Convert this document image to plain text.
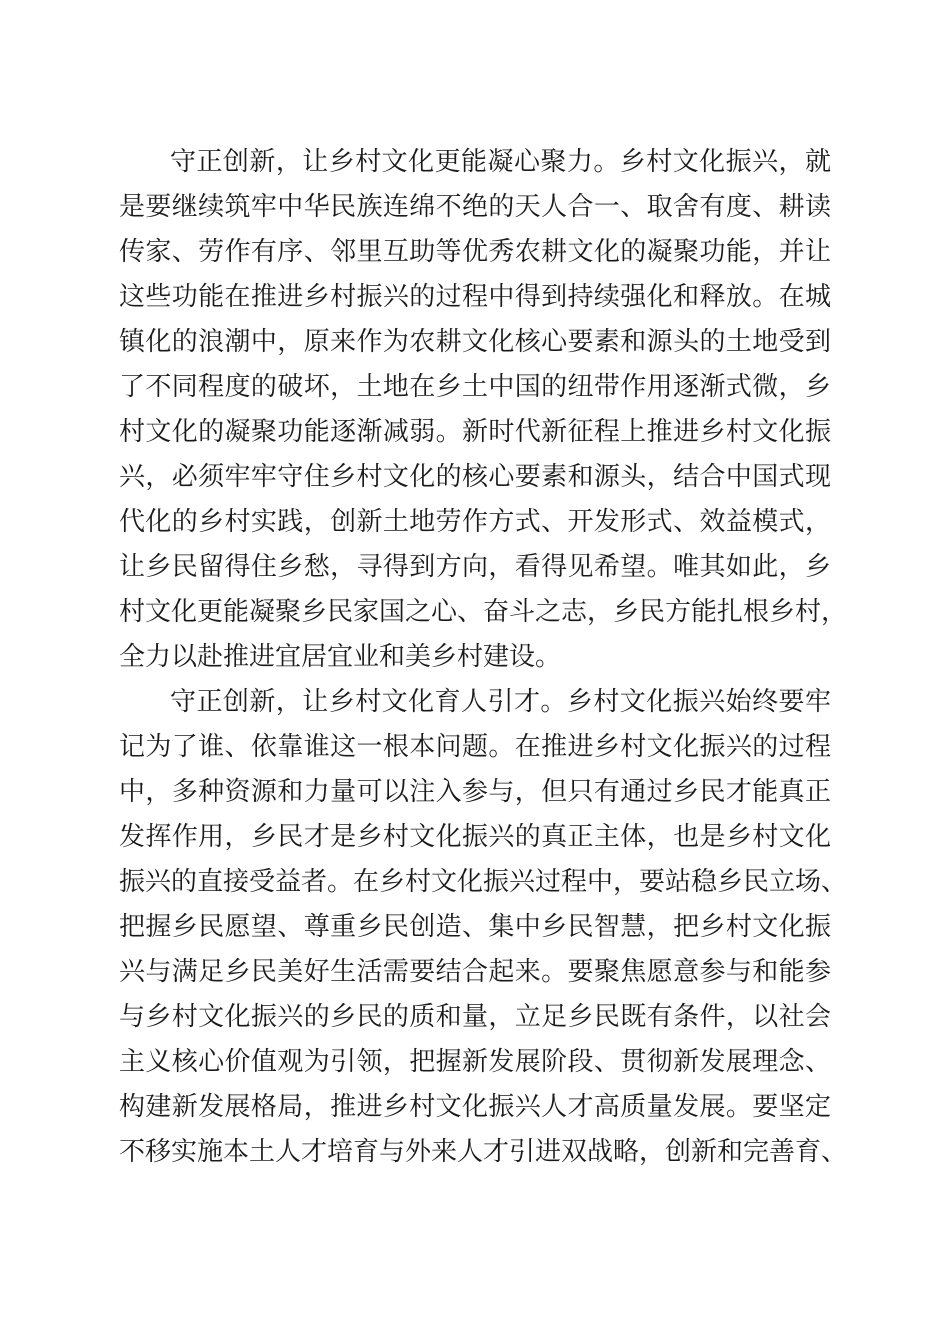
守正创新，让乡村文化更能凝心聚力。乡村文化振兴，就
是要继续筑牢中华民族连绵不绝的天人合一、取舍有度、耕读
传家、劳作有序、邻里互助等优秀农耕文化的凝聚功能，并让
这些功能在推进乡村振兴的过程中得到持续强化和释放。在城
镇化的浪潮中，原来作为农耕文化核心要素和源头的土地受到
了不同程度的破坏，土地在乡土中国的纽带作用逐渐式微，乡
村文化的凝聚功能逐渐减弱。新时代新征程上推进乡村文化振
兴，必须牢牢守住乡村文化的核心要素和源头，结合中国式现
代化的乡村实践，创新土地劳作方式、开发形式、效益模式，
让乡民留得住乡愁，寻得到方向，看得见希望。唯其如此，乡
村文化更能凝聚乡民家国之心、奋斗之志，乡民方能扎根乡村，
全力以赴推进宜居宜业和美乡村建设。
守正创新，让乡村文化育人引才。乡村文化振兴始终要牢
记为了谁、依靠谁这一根本问题。在推进乡村文化振兴的过程
中，多种资源和力量可以注入参与，但只有通过乡民才能真正
发挥作用，乡民才是乡村文化振兴的真正主体，也是乡村文化
振兴的直接受益者。在乡村文化振兴过程中，要站稳乡民立场、
把握乡民愿望、尊重乡民创造、集中乡民智慧，把乡村文化振
兴与满足乡民美好生活需要结合起来。要聚焦愿意参与和能参
与乡村文化振兴的乡民的质和量，立足乡民既有条件，以社会
主义核心价值观为引领，把握新发展阶段、贯彻新发展理念、
构建新发展格局，推进乡村文化振兴人才高质量发展。要坚定
不移实施本土人才培育与外来人才引进双战略，创新和完善育、
